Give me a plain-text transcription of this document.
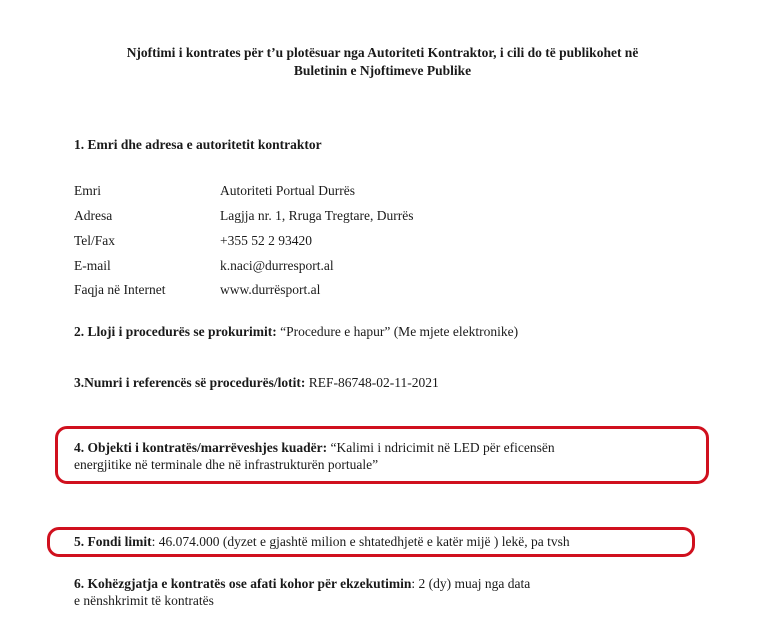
Njoftimi i kontrates për t’u plotësuar nga Autoriteti Kontraktor, i cili do të publikohet në
Buletinin e Njoftimeve Publike
1. Emri dhe adresa e autoritetit kontraktor
Emri	Autoriteti Portual Durrës
Adresa	Lagjja nr. 1, Rruga Tregtare, Durrës
Tel/Fax	+355 52 2 93420
E-mail	k.naci@durresport.al
Faqja në Internet	www.durrësport.al
2. Lloji i procedurës se prokurimit: “Procedure e hapur” (Me mjete elektronike)
3.Numri i referencës së procedurës/lotit: REF-86748-02-11-2021
4. Objekti i kontratës/marrëveshjes kuadër: “Kalimi i ndricimit në LED për eficensën
energjitike në terminale dhe në infrastrukturën portuale”
5. Fondi limit: 46.074.000 (dyzet e gjashtë milion e shtatedhjetë e katër mijë ) lekë, pa tvsh
6. Kohëzgjatja e kontratës ose afati kohor për ekzekutimin: 2 (dy) muaj nga data
e nënshkrimit të kontratës
